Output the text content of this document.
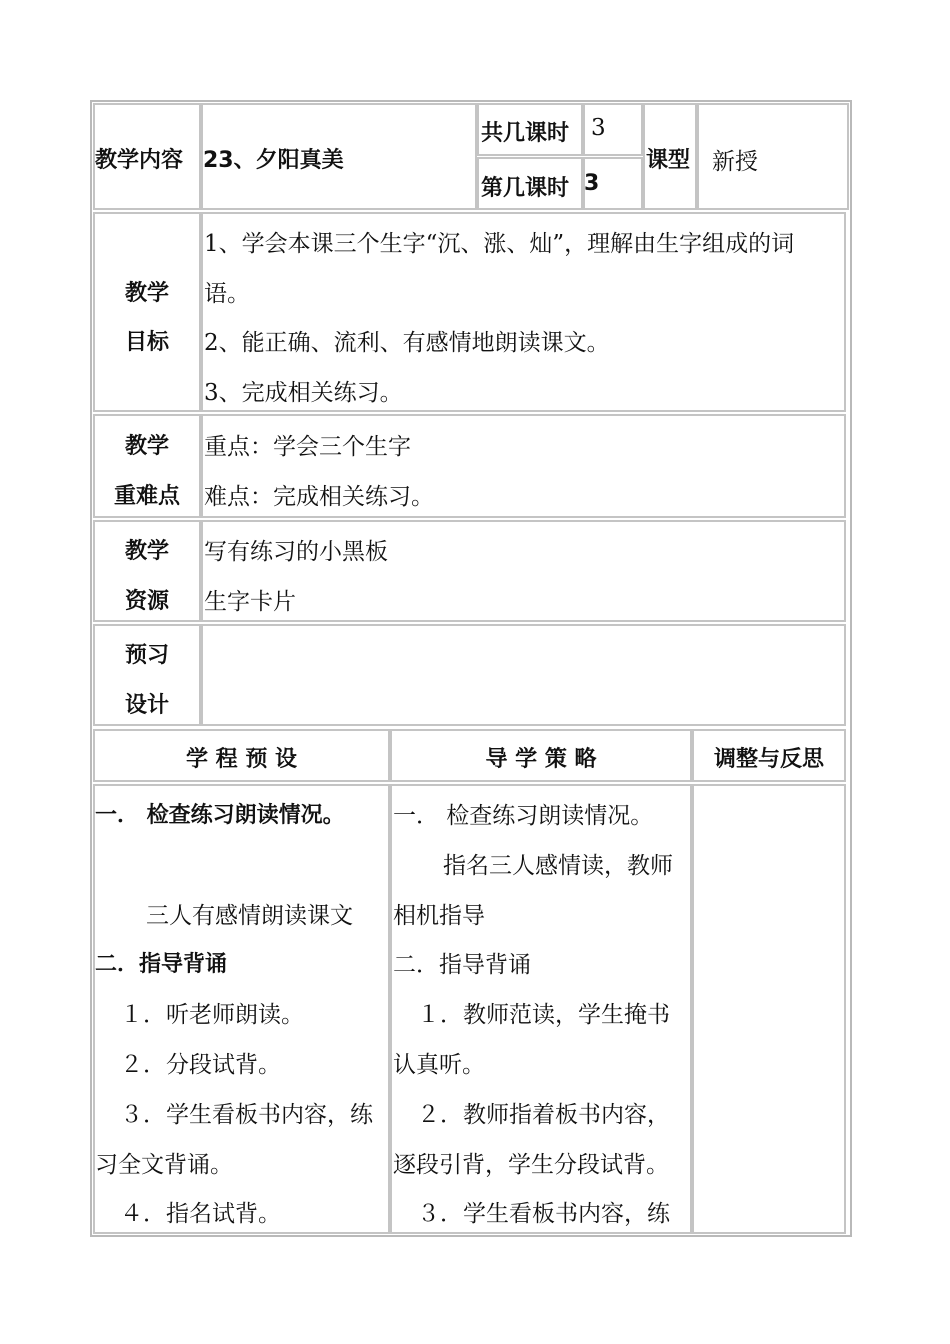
教学内容 23、夕阳真美
共几课时 3
第几课时 3
课型 新授
教学
目标
1、学会本课三个生字“沉、涨、灿”，理解由生字组成的词
语。
2、能正确、流利、有感情地朗读课文。
3、完成相关练习。
教学
重难点
重点：学会三个生字
难点：完成相关练习。
教学
资源
写有练习的小黑板
生字卡片
预习
设计
学 程 预 设	导 学 策 略	调整与反思
一． 检查练习朗读情况。
三人有感情朗读课文
二．指导背诵
１．听老师朗读。
２．分段试背。
３．学生看板书内容，练
习全文背诵。
４．指名试背。
一． 检查练习朗读情况。
指名三人感情读，教师
相机指导
二．指导背诵
１．教师范读，学生掩书
认真听。
２．教师指着板书内容，
逐段引背，学生分段试背。
３．学生看板书内容，练
